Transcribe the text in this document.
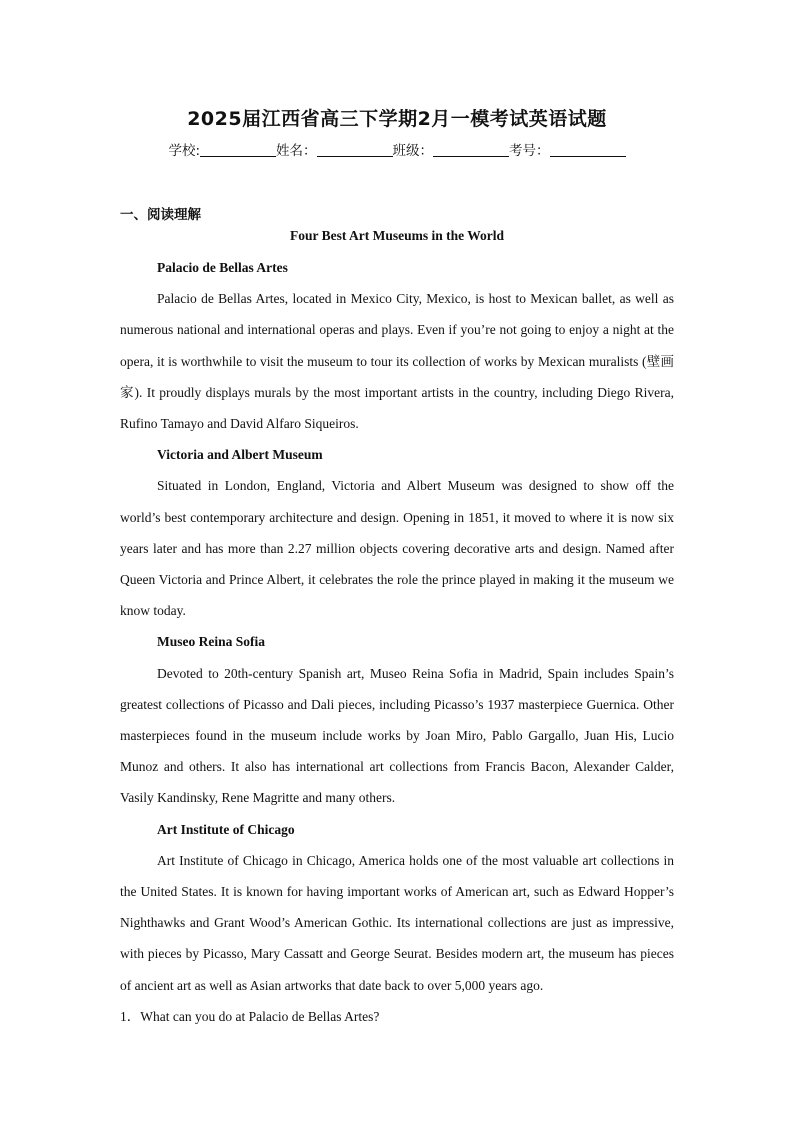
2025届江西省高三下学期2月一模考试英语试题
学校:	姓名：	班级：	考号：
一、阅读理解
Four Best Art Museums in the World
Palacio de Bellas Artes

Palacio de Bellas Artes, located in Mexico City, Mexico, is host to Mexican ballet, as well as numerous national and international operas and plays. Even if you’re not going to enjoy a night at the opera, it is worthwhile to visit the museum to tour its collection of works by Mexican muralists (壁画家). It proudly displays murals by the most important artists in the country, including Diego Rivera, Rufino Tamayo and David Alfaro Siqueiros.

Victoria and Albert Museum

Situated in London, England, Victoria and Albert Museum was designed to show off the world’s best contemporary architecture and design. Opening in 1851, it moved to where it is now six years later and has more than 2.27 million objects covering decorative arts and design. Named after Queen Victoria and Prince Albert, it celebrates the role the prince played in making it the museum we know today.

Museo Reina Sofia

Devoted to 20th-century Spanish art, Museo Reina Sofia in Madrid, Spain includes Spain’s greatest collections of Picasso and Dali pieces, including Picasso’s 1937 masterpiece Guernica. Other masterpieces found in the museum include works by Joan Miro, Pablo Gargallo, Juan His, Lucio Munoz and others. It also has international art collections from Francis Bacon, Alexander Calder, Vasily Kandinsky, Rene Magritte and many others.

Art Institute of Chicago

Art Institute of Chicago in Chicago, America holds one of the most valuable art collections in the United States. It is known for having important works of American art, such as Edward Hopper’s Nighthawks and Grant Wood’s American Gothic. Its international collections are just as impressive, with pieces by Picasso, Mary Cassatt and George Seurat. Besides modern art, the museum has pieces of ancient art as well as Asian artworks that date back to over 5,000 years ago.

1．What can you do at Palacio de Bellas Artes?
